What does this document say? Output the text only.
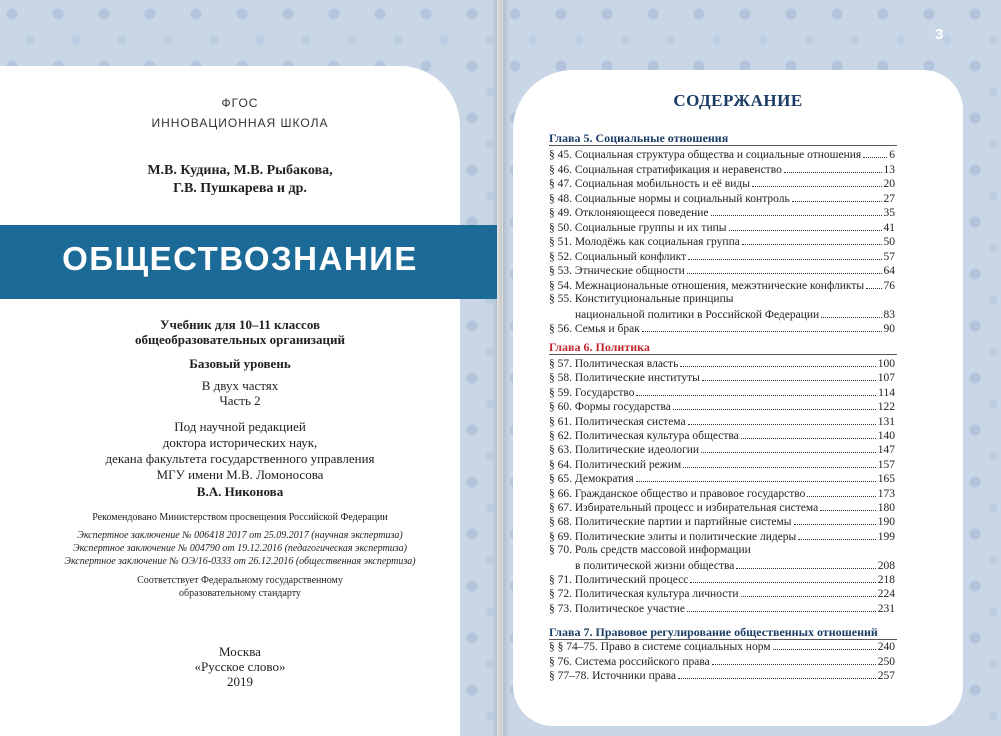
3
ФГОС
ИННОВАЦИОННАЯ ШКОЛА
М.В. Кудина, М.В. Рыбакова,
Г.В. Пушкарева и др.
ОБЩЕСТВОЗНАНИЕ
Учебник для 10–11 классов
общеобразовательных организаций
Базовый уровень
В двух частях
Часть 2
Под научной редакцией
доктора исторических наук,
декана факультета государственного управления
МГУ имени М.В. Ломоносова
В.А. Никонова
Рекомендовано Министерством просвещения Российской Федерации
Экспертное заключение № 006418 2017 от 25.09.2017 (научная экспертиза)
Экспертное заключение № 004790 от 19.12.2016 (педагогическая экспертиза)
Экспертное заключение № ОЭ/16-0333 от 26.12.2016 (общественная экспертиза)
Соответствует Федеральному государственному
образовательному стандарту
Москва
«Русское слово»
2019
СОДЕРЖАНИЕ
Глава 5. Социальные отношения
§ 45. Социальная структура общества и социальные отношения 6
§ 46. Социальная стратификация и неравенство	13
§ 47. Социальная мобильность и её виды	20
§ 48. Социальные нормы и социальный контроль	27
§ 49. Отклоняющееся поведение	35
§ 50. Социальные группы и их типы	41
§ 51. Молодёжь как социальная группа	50
§ 52. Социальный конфликт	57
§ 53. Этнические общности	64
§ 54. Межнациональные отношения, межэтнические конфликты 76
§ 55. Конституциональные принципы
национальной политики в Российской Федерации	83
§ 56. Семья и брак	90
Глава 6. Политика
§ 57. Политическая власть	100
§ 58. Политические институты	107
§ 59. Государство	114
§ 60. Формы государства	122
§ 61. Политическая система	131
§ 62. Политическая культура общества	140
§ 63. Политические идеологии	147
§ 64. Политический режим	157
§ 65. Демократия	165
§ 66. Гражданское общество и правовое государство	173
§ 67. Избирательный процесс и избирательная система	180
§ 68. Политические партии и партийные системы	190
§ 69. Политические элиты и политические лидеры	199
§ 70. Роль средств массовой информации
в политической жизни общества	208
§ 71. Политический процесс	218
§ 72. Политическая культура личности	224
§ 73. Политическое участие	231
Глава 7. Правовое регулирование общественных отношений
§ § 74–75. Право в системе социальных норм	240
§ 76. Система российского права	250
§ 77–78. Источники права	257
